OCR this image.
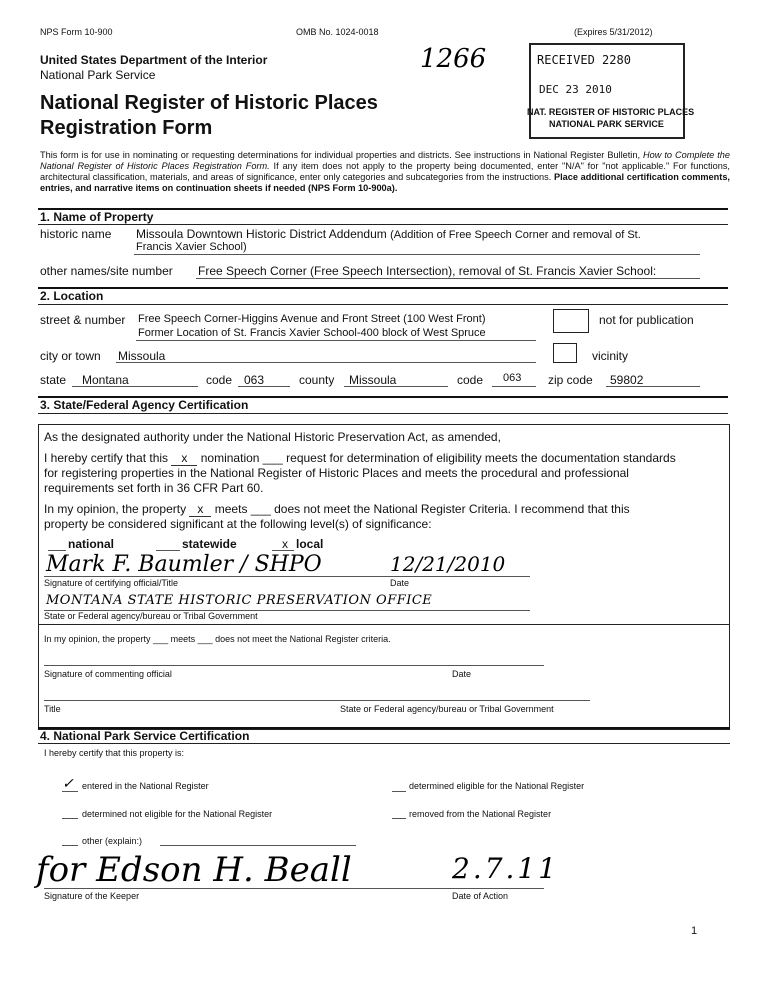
NPS Form 10-900	OMB No. 1024-0018	(Expires 5/31/2012)
1266
United States Department of the Interior
National Park Service
National Register of Historic Places
Registration Form
RECEIVED 2280
DEC 23 2010
NAT. REGISTER OF HISTORIC PLACES
NATIONAL PARK SERVICE
This form is for use in nominating or requesting determinations for individual properties and districts. See instructions in National Register Bulletin, How to Complete the National Register of Historic Places Registration Form. If any item does not apply to the property being documented, enter "N/A" for "not applicable." For functions, architectural classification, materials, and areas of significance, enter only categories and subcategories from the instructions. Place additional certification comments, entries, and narrative items on continuation sheets if needed (NPS Form 10-900a).
1. Name of Property
historic name Missoula Downtown Historic District Addendum (Addition of Free Speech Corner and removal of St.
Francis Xavier School)
other names/site number Free Speech Corner (Free Speech Intersection), removal of St. Francis Xavier School:
2. Location
street & number Free Speech Corner-Higgins Avenue and Front Street (100 West Front)
Former Location of St. Francis Xavier School-400 block of West Spruce
not for publication
city or town Missoula	vicinity
state Montana	code 063	county Missoula	code 063 zip code 59802
3. State/Federal Agency Certification
As the designated authority under the National Historic Preservation Act, as amended,
I hereby certify that this x nomination ___ request for determination of eligibility meets the documentation standards
for registering properties in the National Register of Historic Places and meets the procedural and professional
requirements set forth in 36 CFR Part 60.
In my opinion, the property x meets ___ does not meet the National Register Criteria. I recommend that this
property be considered significant at the following level(s) of significance:
national	statewide	x local
Mark F. Baumler / SHPO	12/21/2010
Signature of certifying official/Title	Date
MONTANA STATE HISTORIC PRESERVATION OFFICE
State or Federal agency/bureau or Tribal Government
In my opinion, the property ___ meets ___ does not meet the National Register criteria.
Signature of commenting official	Date
Title	State or Federal agency/bureau or Tribal Government
4. National Park Service Certification
I hereby certify that this property is:
✓ entered in the National Register	determined eligible for the National Register
determined not eligible for the National Register	removed from the National Register
other (explain:)
for Edson H. Beall	2.7.11
Signature of the Keeper	Date of Action
1
